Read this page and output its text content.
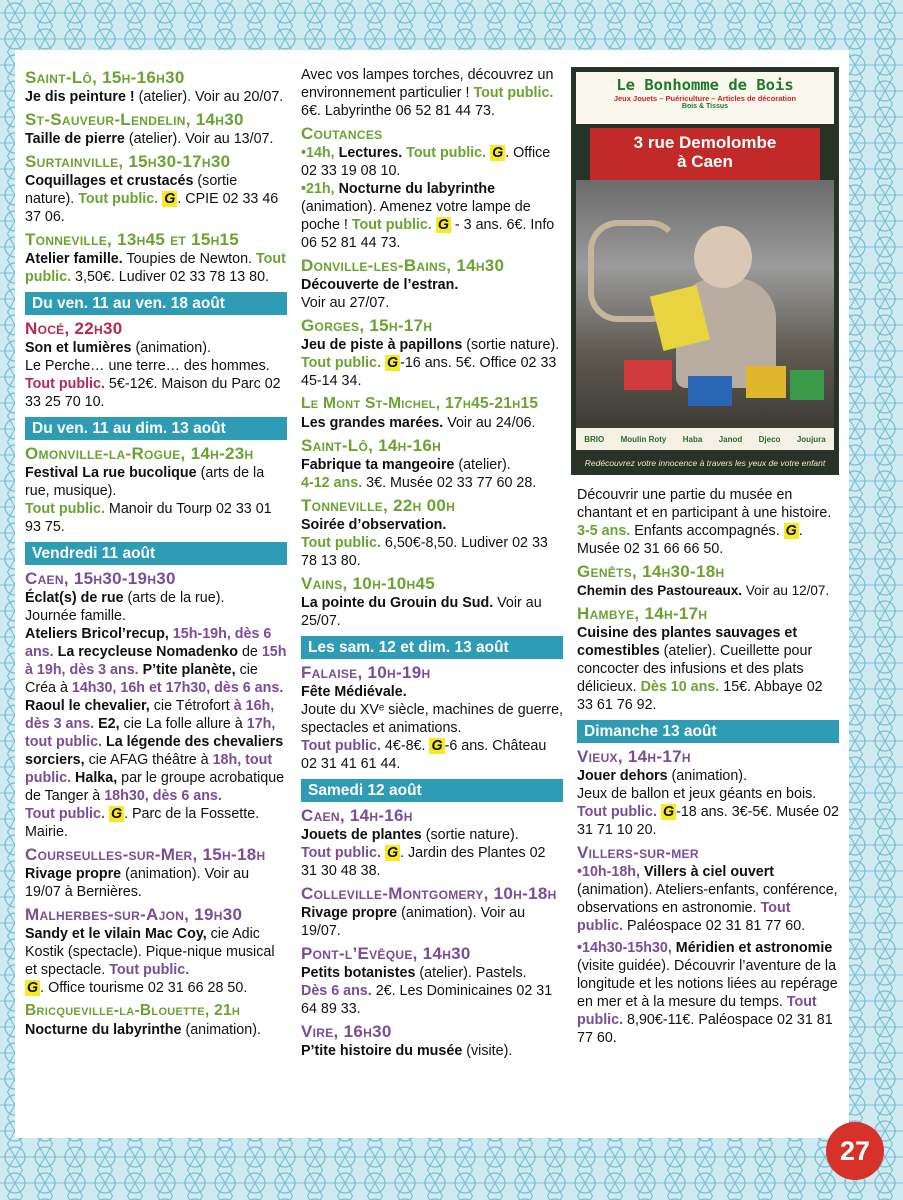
Saint-Lô, 15h-16h30
Je dis peinture ! (atelier). Voir au 20/07.
St-Sauveur-Lendelin, 14h30
Taille de pierre (atelier). Voir au 13/07.
Surtainville, 15h30-17h30
Coquillages et crustacés (sortie nature). Tout public. G . CPIE 02 33 46 37 06.
Tonneville, 13h45 et 15h15
Atelier famille. Toupies de Newton. Tout public. 3,50€. Ludiver 02 33 78 13 80.
Du ven. 11 au ven. 18 août
Nocé, 22h30
Son et lumières (animation).
Le Perche… une terre… des hommes.
Tout public. 5€-12€. Maison du Parc 02 33 25 70 10.
Du ven. 11 au dim. 13 août
Omonville-la-Rogue, 14h-23h
Festival La rue bucolique (arts de la rue, musique).
Tout public. Manoir du Tourp 02 33 01 93 75.
Vendredi 11 août
Caen, 15h30-19h30
Éclat(s) de rue (arts de la rue).
Journée famille.
Ateliers Bricol’recup, 15h-19h, dès 6 ans. La recycleuse Nomadenko de 15h à 19h, dès 3 ans. P’tite planète, cie Créa à 14h30, 16h et 17h30, dès 6 ans. Raoul le chevalier, cie Tétrofort à 16h, dès 3 ans. E2, cie La folle allure à 17h, tout public. La légende des chevaliers sorciers, cie AFAG théâtre à 18h, tout public. Halka, par le groupe acrobatique de Tanger à 18h30, dès 6 ans.
Tout public. G . Parc de la Fossette. Mairie.
Courseulles-sur-Mer, 15h-18h
Rivage propre (animation). Voir au 19/07 à Bernières.
Malherbes-sur-Ajon, 19h30
Sandy et le vilain Mac Coy, cie Adic Kostik (spectacle). Pique-nique musical et spectacle. Tout public.
G . Office tourisme 02 31 66 28 50.
Bricqueville-la-Blouette, 21h
Nocturne du labyrinthe (animation).
Avec vos lampes torches, découvrez un environnement particulier ! Tout public. 6€. Labyrinthe 06 52 81 44 73.
Coutances
•14h, Lectures. Tout public. G . Office 02 33 19 08 10.
•21h, Nocturne du labyrinthe (animation). Amenez votre lampe de poche ! Tout public. G - 3 ans. 6€. Info 06 52 81 44 73.
Donville-les-Bains, 14h30
Découverte de l’estran.
Voir au 27/07.
Gorges, 15h-17h
Jeu de piste à papillons (sortie nature). Tout public. G -16 ans. 5€. Office 02 33 45-14 34.
Le Mont St-Michel, 17h45-21h15
Les grandes marées. Voir au 24/06.
Saint-Lô, 14h-16h
Fabrique ta mangeoire (atelier).
4-12 ans. 3€. Musée 02 33 77 60 28.
Tonneville, 22h 00h
Soirée d’observation.
Tout public. 6,50€-8,50. Ludiver 02 33 78 13 80.
Vains, 10h-10h45
La pointe du Grouin du Sud. Voir au 25/07.
Les sam. 12 et dim. 13 août
Falaise, 10h-19h
Fête Médiévale.
Joute du XVᵉ siècle, machines de guerre, spectacles et animations.
Tout public. 4€-8€. G -6 ans. Château 02 31 41 61 44.
Samedi 12 août
Caen, 14h-16h
Jouets de plantes (sortie nature).
Tout public. G . Jardin des Plantes 02 31 30 48 38.
Colleville-Montgomery, 10h-18h
Rivage propre (animation). Voir au 19/07.
Pont-l’Evêque, 14h30
Petits botanistes (atelier). Pastels.
Dès 6 ans. 2€. Les Dominicaines 02 31 64 89 33.
Vire, 16h30
P’tite histoire du musée (visite).
Le Bonhomme de Bois
Jeux Jouets – Puériculture – Articles de décoration
Bois & Tissus
3 rue Demolombe
à Caen
BRIO Moulin Roty Haba Janod Djeco Joujura
Redécouvrez votre innocence à travers les yeux de votre enfant
Découvrir une partie du musée en chantant et en participant à une histoire. 3-5 ans. Enfants accompagnés. G . Musée 02 31 66 66 50.
Genêts, 14h30-18h
Chemin des Pastoureaux. Voir au 12/07.
Hambye, 14h-17h
Cuisine des plantes sauvages et comestibles (atelier). Cueillette pour concocter des infusions et des plats délicieux. Dès 10 ans. 15€. Abbaye 02 33 61 76 92.
Dimanche 13 août
Vieux, 14h-17h
Jouer dehors (animation).
Jeux de ballon et jeux géants en bois.
Tout public. G -18 ans. 3€-5€. Musée 02 31 71 10 20.
Villers-sur-mer
•10h-18h, Villers à ciel ouvert (animation). Ateliers-enfants, conférence, observations en astronomie. Tout public. Paléospace 02 31 81 77 60.
•14h30-15h30, Méridien et astronomie (visite guidée). Découvrir l’aventure de la longitude et les notions liées au repérage en mer et à la mesure du temps. Tout public. 8,90€-11€. Paléospace 02 31 81 77 60.
27
